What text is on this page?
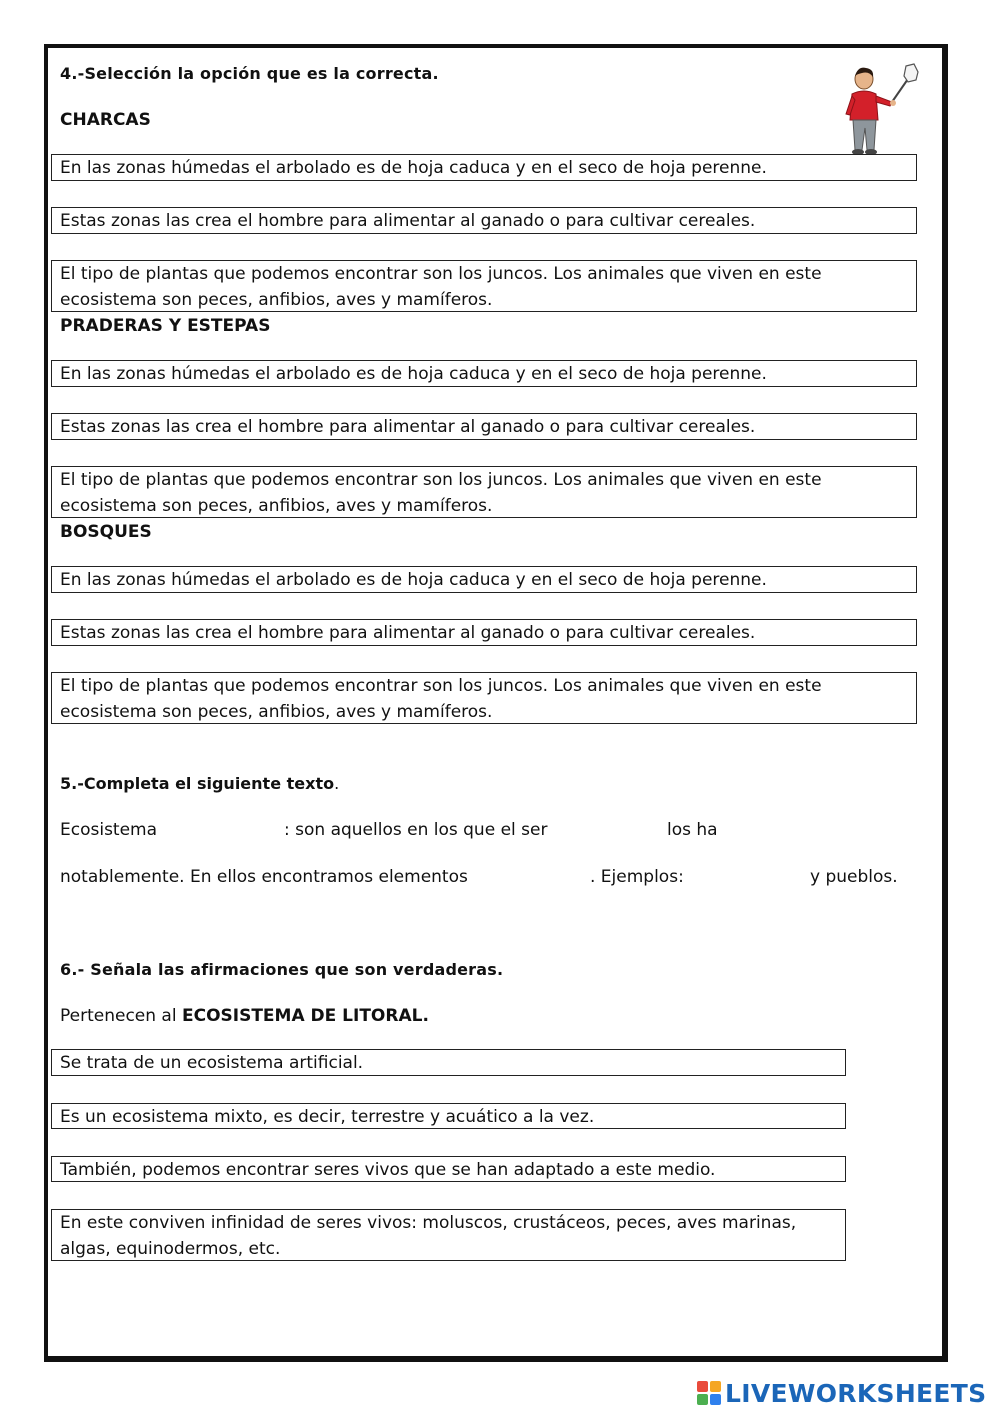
4.-Selección la opción que es la correcta.
CHARCAS
En las zonas húmedas el arbolado es de hoja caduca y en el seco de hoja perenne.
Estas zonas las crea el hombre para alimentar al ganado o para cultivar cereales.
El tipo de plantas que podemos encontrar son los juncos. Los animales que viven en este ecosistema son peces, anfibios, aves y mamíferos.
PRADERAS Y ESTEPAS
En las zonas húmedas el arbolado es de hoja caduca y en el seco de hoja perenne.
Estas zonas las crea el hombre para alimentar al ganado o para cultivar cereales.
El tipo de plantas que podemos encontrar son los juncos. Los animales que viven en este ecosistema son peces, anfibios, aves y mamíferos.
BOSQUES
En las zonas húmedas el arbolado es de hoja caduca y en el seco de hoja perenne.
Estas zonas las crea el hombre para alimentar al ganado o para cultivar cereales.
El tipo de plantas que podemos encontrar son los juncos. Los animales que viven en este ecosistema son peces, anfibios, aves y mamíferos.
5.-Completa el siguiente texto.
Ecosistema	: son aquellos en los que el ser	los ha
notablemente. En ellos encontramos elementos	. Ejemplos:	y pueblos.
6.- Señala las afirmaciones que son verdaderas.
Pertenecen al ECOSISTEMA DE LITORAL.
Se trata de un ecosistema artificial.
Es un ecosistema mixto, es decir, terrestre y acuático a la vez.
También, podemos encontrar seres vivos que se han adaptado a este medio.
En este conviven infinidad de seres vivos: moluscos, crustáceos, peces, aves marinas, algas, equinodermos, etc.
LIVEWORKSHEETS
